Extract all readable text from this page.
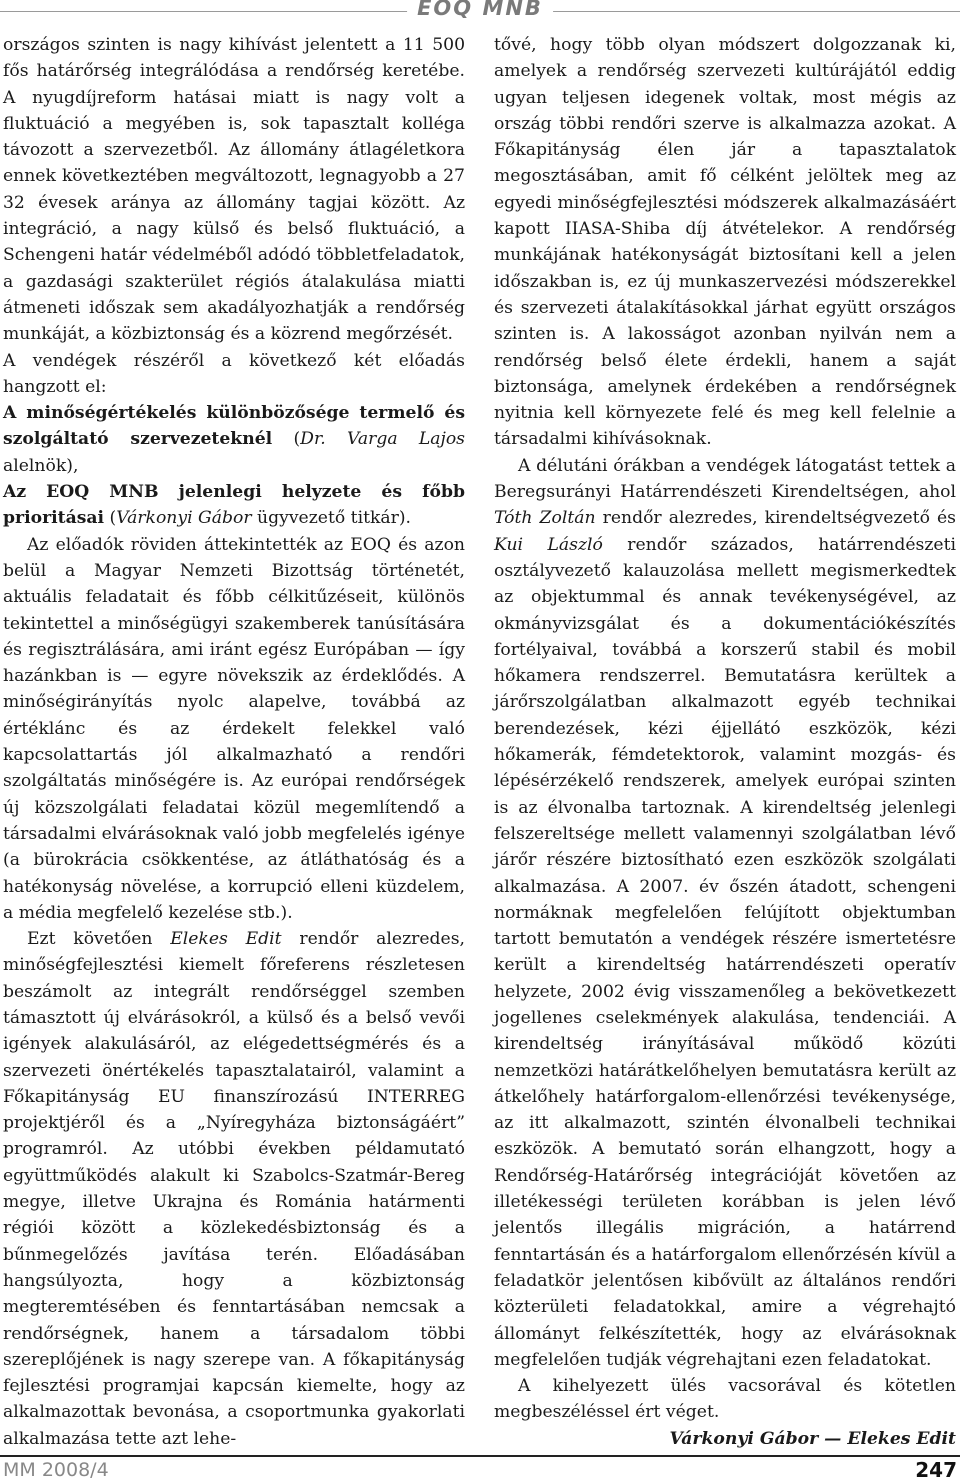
EOQ MNB

országos szinten is nagy kihívást jelentett a 11 500 fős határőrség integrálódása a rendőrség keretébe. A nyugdíjreform hatásai miatt is nagy volt a fluktuáció a megyében is, sok tapasztalt kolléga távozott a szervezetből. Az állomány átlagéletkora ennek következtében megváltozott, legnagyobb a 27 32 évesek aránya az állomány tagjai között. Az integráció, a nagy külső és belső fluktuáció, a Schengeni határ védelméből adódó többletfeladatok, a gazdasági szakterület régiós átalakulása miatti átmeneti időszak sem akadályozhatják a rendőrség munkáját, a közbiztonság és a közrend megőrzését.

A vendégek részéről a következő két előadás hangzott el:

A minőségértékelés különbözősége termelő és szolgáltató szervezeteknél (Dr. Varga Lajos alelnök),

Az EOQ MNB jelenlegi helyzete és főbb prioritásai (Várkonyi Gábor ügyvezető titkár).

Az előadók röviden áttekintették az EOQ és azon belül a Magyar Nemzeti Bizottság történetét, aktuális feladatait és főbb célkitűzéseit, különös tekintettel a minőségügyi szakemberek tanúsítására és regisztrálására, ami iránt egész Európában — így hazánkban is — egyre növekszik az érdeklődés. A minőségirányítás nyolc alapelve, továbbá az értéklánc és az érdekelt felekkel való kapcsolattartás jól alkalmazható a rendőri szolgáltatás minőségére is. Az európai rendőrségek új közszolgálati feladatai közül megemlítendő a társadalmi elvárásoknak való jobb megfelelés igénye (a bürokrácia csökkentése, az átláthatóság és a hatékonyság növelése, a korrupció elleni küzdelem, a média megfelelő kezelése stb.).

Ezt követően Elekes Edit rendőr alezredes, minőségfejlesztési kiemelt főreferens részletesen beszámolt az integrált rendőrséggel szemben támasztott új elvárásokról, a külső és a belső vevői igények alakulásáról, az elégedettségmérés és a szervezeti önértékelés tapasztalatairól, valamint a Főkapitányság EU finanszírozású INTERREG projektjéről és a „Nyíregyháza biztonságáért” programról. Az utóbbi években példamutató együttműködés alakult ki Szabolcs-Szatmár-Bereg megye, illetve Ukrajna és Románia határmenti régiói között a közlekedésbiztonság és a bűnmegelőzés javítása terén. Előadásában hangsúlyozta, hogy a közbiztonság megteremtésében és fenntartásában nemcsak a rendőrségnek, hanem a társadalom többi szereplőjének is nagy szerepe van. A főkapitányság fejlesztési programjai kapcsán kiemelte, hogy az alkalmazottak bevonása, a csoportmunka gyakorlati alkalmazása tette azt lehe-

tővé, hogy több olyan módszert dolgozzanak ki, amelyek a rendőrség szervezeti kultúrájától eddig ugyan teljesen idegenek voltak, most mégis az ország többi rendőri szerve is alkalmazza azokat. A Főkapitányság élen jár a tapasztalatok megosztásában, amit fő célként jelöltek meg az egyedi minőségfejlesztési módszerek alkalmazásáért kapott IIASA-Shiba díj átvételekor. A rendőrség munkájának hatékonyságát biztosítani kell a jelen időszakban is, ez új munkaszervezési módszerekkel és szervezeti átalakításokkal járhat együtt országos szinten is. A lakosságot azonban nyilván nem a rendőrség belső élete érdekli, hanem a saját biztonsága, amelynek érdekében a rendőrségnek nyitnia kell környezete felé és meg kell felelnie a társadalmi kihívásoknak.

A délutáni órákban a vendégek látogatást tettek a Beregsurányi Határrendészeti Kirendeltségen, ahol Tóth Zoltán rendőr alezredes, kirendeltségvezető és Kui László rendőr százados, határrendészeti osztályvezető kalauzolása mellett megismerkedtek az objektummal és annak tevékenységével, az okmányvizsgálat és a dokumentációkészítés fortélyaival, továbbá a korszerű stabil és mobil hőkamera rendszerrel. Bemutatásra kerültek a járőrszolgálatban alkalmazott egyéb technikai berendezések, kézi éjjellátó eszközök, kézi hőkamerák, fémdetektorok, valamint mozgás- és lépésérzékelő rendszerek, amelyek európai szinten is az élvonalba tartoznak. A kirendeltség jelenlegi felszereltsége mellett valamennyi szolgálatban lévő járőr részére biztosítható ezen eszközök szolgálati alkalmazása. A 2007. év őszén átadott, schengeni normáknak megfelelően felújított objektumban tartott bemutatón a vendégek részére ismertetésre került a kirendeltség határrendészeti operatív helyzete, 2002 évig visszamenőleg a bekövetkezett jogellenes cselekmények alakulása, tendenciái. A kirendeltség irányításával működő közúti nemzetközi határátkelőhelyen bemutatásra került az átkelőhely határforgalom-ellenőrzési tevékenysége, az itt alkalmazott, szintén élvonalbeli technikai eszközök. A bemutató során elhangzott, hogy a Rendőrség-Határőrség integrációját követően az illetékességi területen korábban is jelen lévő jelentős illegális migráción, a határrend fenntartásán és a határforgalom ellenőrzésén kívül a feladatkör jelentősen kibővült az általános rendőri közterületi feladatokkal, amire a végrehajtó állományt felkészítették, hogy az elvárásoknak megfelelően tudják végrehajtani ezen feladatokat.

A kihelyezett ülés vacsorával és kötetlen megbeszéléssel ért véget.

Várkonyi Gábor — Elekes Edit

MM 2008/4	247
